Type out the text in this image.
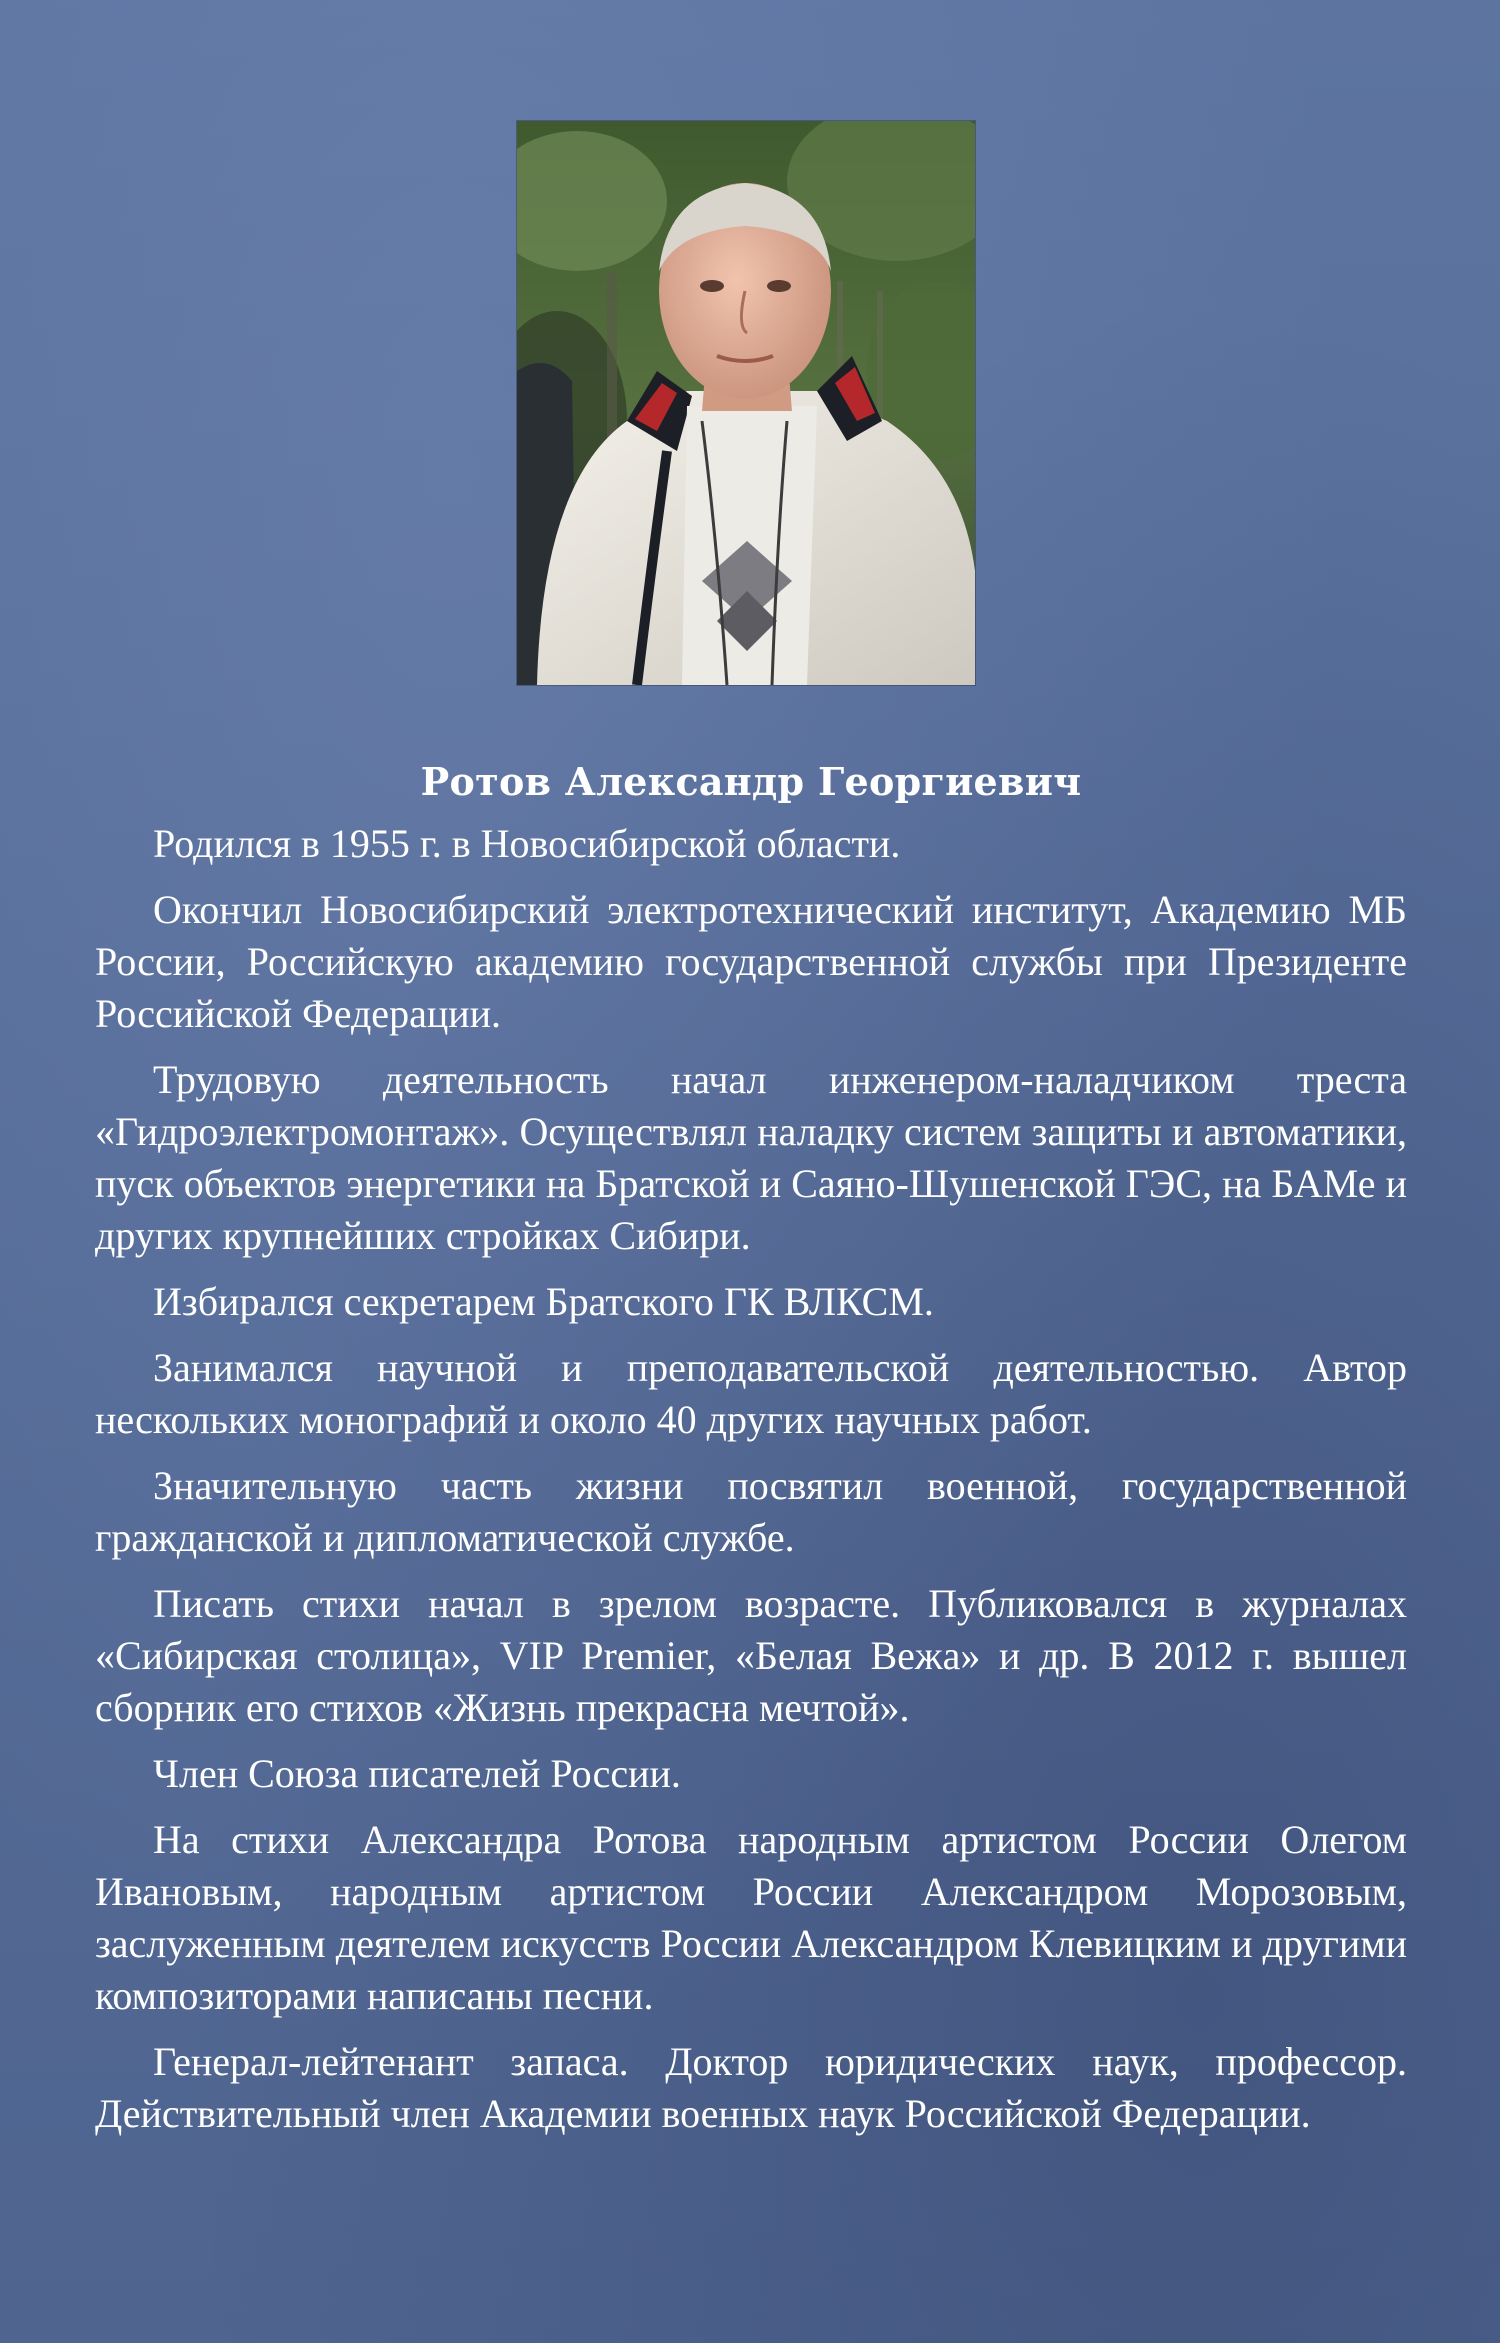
Ротов Александр Георгиевич

Родился в 1955 г. в Новосибирской области.

Окончил Новосибирский электротехнический институт, Академию МБ России, Российскую академию государственной службы при Президенте Российской Федерации.

Трудовую деятельность начал инженером-наладчиком треста «Гидроэлектромонтаж». Осуществлял наладку систем защиты и автоматики, пуск объектов энергетики на Братской и Саяно-Шушенской ГЭС, на БАМе и других крупнейших стройках Сибири.

Избирался секретарем Братского ГК ВЛКСМ.

Занимался научной и преподавательской деятельностью. Автор нескольких монографий и около 40 других научных работ.

Значительную часть жизни посвятил военной, государственной гражданской и дипломатической службе.

Писать стихи начал в зрелом возрасте. Публиковался в журналах «Сибирская столица», VIP Premier, «Белая Вежа» и др. В 2012 г. вышел сборник его стихов «Жизнь прекрасна мечтой».

Член Союза писателей России.

На стихи Александра Ротова народным артистом России Олегом Ивановым, народным артистом России Александром Морозовым, заслуженным деятелем искусств России Александром Клевицким и другими композиторами написаны песни.

Генерал-лейтенант запаса. Доктор юридических наук, профессор. Действительный член Академии военных наук Российской Федерации.
